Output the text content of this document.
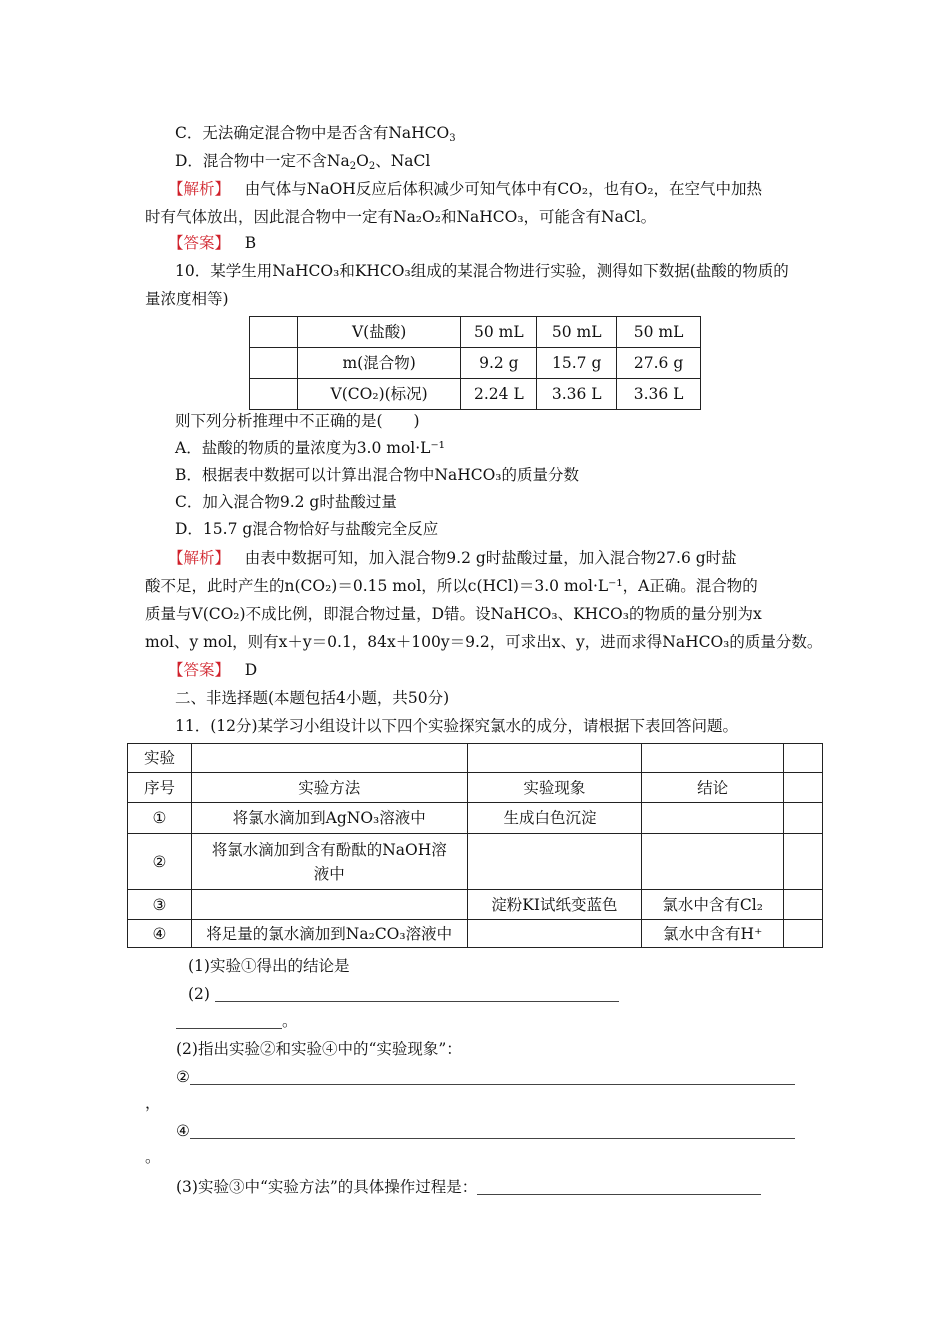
C．无法确定混合物中是否含有NaHCO$_3$
D．混合物中一定不含$Na_2O_2$、NaCl
【解析】 由气体与NaOH反应后体积减少可知气体中有CO₂，也有O₂，在空气中加热
时有气体放出，因此混合物中一定有Na₂O₂和NaHCO₃，可能含有NaCl。
【答案】 B
10．某学生用NaHCO₃和KHCO₃组成的某混合物进行实验，测得如下数据(盐酸的物质的
量浓度相等)
	V(盐酸)	50 mL	50 mL	50 mL
	m(混合物)	9.2 g	15.7 g	27.6 g
	V(CO₂)(标况)	2.24 L	3.36 L	3.36 L
则下列分析推理中不正确的是(　　)
A．盐酸的物质的量浓度为3.0 mol·L⁻¹
B．根据表中数据可以计算出混合物中NaHCO₃的质量分数
C．加入混合物9.2 g时盐酸过量
D．15.7 g混合物恰好与盐酸完全反应
【解析】 由表中数据可知，加入混合物9.2 g时盐酸过量，加入混合物27.6 g时盐
酸不足，此时产生的n(CO₂)＝0.15 mol，所以c(HCl)＝3.0 mol·L⁻¹，A正确。混合物的
质量与V(CO₂)不成比例，即混合物过量，D错。设NaHCO₃、KHCO₃的物质的量分别为x
mol、y mol，则有x＋y＝0.1，84x＋100y＝9.2，可求出x、y，进而求得NaHCO₃的质量分数。
【答案】 D
二、非选择题(本题包括4小题，共50分)
11．(12分)某学习小组设计以下四个实验探究氯水的成分，请根据下表回答问题。
实验				
序号	实验方法	实验现象	结论	
①	将氯水滴加到AgNO₃溶液中	生成白色沉淀		
②	将氯水滴加到含有酚酞的NaOH溶
液中			
③		淀粉KI试纸变蓝色	氯水中含有Cl₂	
④	将足量的氯水滴加到Na₂CO₃溶液中		氯水中含有H⁺	
(1)实验①得出的结论是
(2)
。
(2)指出实验②和实验④中的“实验现象”：
②
，
④
。
(3)实验③中“实验方法”的具体操作过程是：
